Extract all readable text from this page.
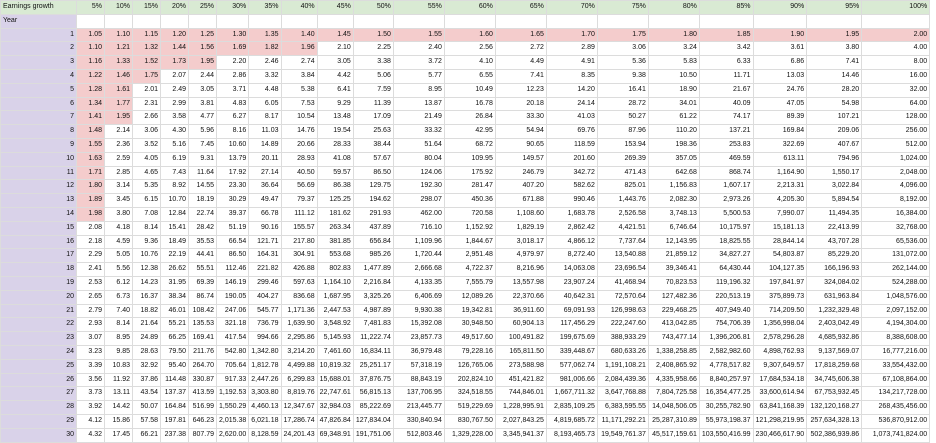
Earnings growth	5%	10%	15%	20%	25%	30%	35%	40%	45%	50%	55%	60%	65%	70%	75%	80%	85%	90%	95%	100%
Year																				
1	1.05	1.10	1.15	1.20	1.25	1.30	1.35	1.40	1.45	1.50	1.55	1.60	1.65	1.70	1.75	1.80	1.85	1.90	1.95	2.00
2	1.10	1.21	1.32	1.44	1.56	1.69	1.82	1.96	2.10	2.25	2.40	2.56	2.72	2.89	3.06	3.24	3.42	3.61	3.80	4.00
3	1.16	1.33	1.52	1.73	1.95	2.20	2.46	2.74	3.05	3.38	3.72	4.10	4.49	4.91	5.36	5.83	6.33	6.86	7.41	8.00
4	1.22	1.46	1.75	2.07	2.44	2.86	3.32	3.84	4.42	5.06	5.77	6.55	7.41	8.35	9.38	10.50	11.71	13.03	14.46	16.00
5	1.28	1.61	2.01	2.49	3.05	3.71	4.48	5.38	6.41	7.59	8.95	10.49	12.23	14.20	16.41	18.90	21.67	24.76	28.20	32.00
6	1.34	1.77	2.31	2.99	3.81	4.83	6.05	7.53	9.29	11.39	13.87	16.78	20.18	24.14	28.72	34.01	40.09	47.05	54.98	64.00
7	1.41	1.95	2.66	3.58	4.77	6.27	8.17	10.54	13.48	17.09	21.49	26.84	33.30	41.03	50.27	61.22	74.17	89.39	107.21	128.00
8	1.48	2.14	3.06	4.30	5.96	8.16	11.03	14.76	19.54	25.63	33.32	42.95	54.94	69.76	87.96	110.20	137.21	169.84	209.06	256.00
9	1.55	2.36	3.52	5.16	7.45	10.60	14.89	20.66	28.33	38.44	51.64	68.72	90.65	118.59	153.94	198.36	253.83	322.69	407.67	512.00
10	1.63	2.59	4.05	6.19	9.31	13.79	20.11	28.93	41.08	57.67	80.04	109.95	149.57	201.60	269.39	357.05	469.59	613.11	794.96	1,024.00
11	1.71	2.85	4.65	7.43	11.64	17.92	27.14	40.50	59.57	86.50	124.06	175.92	246.79	342.72	471.43	642.68	868.74	1,164.90	1,550.17	2,048.00
12	1.80	3.14	5.35	8.92	14.55	23.30	36.64	56.69	86.38	129.75	192.30	281.47	407.20	582.62	825.01	1,156.83	1,607.17	2,213.31	3,022.84	4,096.00
13	1.89	3.45	6.15	10.70	18.19	30.29	49.47	79.37	125.25	194.62	298.07	450.36	671.88	990.46	1,443.76	2,082.30	2,973.26	4,205.30	5,894.54	8,192.00
14	1.98	3.80	7.08	12.84	22.74	39.37	66.78	111.12	181.62	291.93	462.00	720.58	1,108.60	1,683.78	2,526.58	3,748.13	5,500.53	7,990.07	11,494.35	16,384.00
15	2.08	4.18	8.14	15.41	28.42	51.19	90.16	155.57	263.34	437.89	716.10	1,152.92	1,829.19	2,862.42	4,421.51	6,746.64	10,175.97	15,181.13	22,413.99	32,768.00
16	2.18	4.59	9.36	18.49	35.53	66.54	121.71	217.80	381.85	656.84	1,109.96	1,844.67	3,018.17	4,866.12	7,737.64	12,143.95	18,825.55	28,844.14	43,707.28	65,536.00
17	2.29	5.05	10.76	22.19	44.41	86.50	164.31	304.91	553.68	985.26	1,720.44	2,951.48	4,979.97	8,272.40	13,540.88	21,859.12	34,827.27	54,803.87	85,229.20	131,072.00
18	2.41	5.56	12.38	26.62	55.51	112.46	221.82	426.88	802.83	1,477.89	2,666.68	4,722.37	8,216.96	14,063.08	23,696.54	39,346.41	64,430.44	104,127.35	166,196.93	262,144.00
19	2.53	6.12	14.23	31.95	69.39	146.19	299.46	597.63	1,164.10	2,216.84	4,133.35	7,555.79	13,557.98	23,907.24	41,468.94	70,823.53	119,196.32	197,841.97	324,084.02	524,288.00
20	2.65	6.73	16.37	38.34	86.74	190.05	404.27	836.68	1,687.95	3,325.26	6,406.69	12,089.26	22,370.66	40,642.31	72,570.64	127,482.36	220,513.19	375,899.73	631,963.84	1,048,576.00
21	2.79	7.40	18.82	46.01	108.42	247.06	545.77	1,171.36	2,447.53	4,987.89	9,930.38	19,342.81	36,911.60	69,091.93	126,998.63	229,468.25	407,949.40	714,209.50	1,232,329.48	2,097,152.00
22	2.93	8.14	21.64	55.21	135.53	321.18	736.79	1,639.90	3,548.92	7,481.83	15,392.08	30,948.50	60,904.13	117,456.29	222,247.60	413,042.85	754,706.39	1,356,998.04	2,403,042.49	4,194,304.00
23	3.07	8.95	24.89	66.25	169.41	417.54	994.66	2,295.86	5,145.93	11,222.74	23,857.73	49,517.60	100,491.82	199,675.69	388,933.29	743,477.14	1,396,206.81	2,578,296.28	4,685,932.86	8,388,608.00
24	3.23	9.85	28.63	79.50	211.76	542.80	1,342.80	3,214.20	7,461.60	16,834.11	36,979.48	79,228.16	165,811.50	339,448.67	680,633.26	1,338,258.85	2,582,982.60	4,898,762.93	9,137,569.07	16,777,216.00
25	3.39	10.83	32.92	95.40	264.70	705.64	1,812.78	4,499.88	10,819.32	25,251.17	57,318.19	126,765.06	273,588.98	577,062.74	1,191,108.21	2,408,865.92	4,778,517.82	9,307,649.57	17,818,259.68	33,554,432.00
26	3.56	11.92	37.86	114.48	330.87	917.33	2,447.26	6,299.83	15,688.01	37,876.75	88,843.19	202,824.10	451,421.82	981,006.66	2,084,439.36	4,335,958.66	8,840,257.97	17,684,534.18	34,745,606.38	67,108,864.00
27	3.73	13.11	43.54	137.37	413.59	1,192.53	3,303.80	8,819.76	22,747.61	56,815.13	137,706.95	324,518.55	744,846.01	1,667,711.32	3,647,768.88	7,804,725.58	16,354,477.25	33,600,614.94	67,753,932.45	134,217,728.00
28	3.92	14.42	50.07	164.84	516.99	1,550.29	4,460.13	12,347.67	32,984.03	85,222.69	213,445.77	519,229.69	1,228,995.91	2,835,109.25	6,383,595.55	14,048,506.05	30,255,782.90	63,841,168.39	132,120,168.27	268,435,456.00
29	4.12	15.86	57.58	197.81	646.23	2,015.38	6,021.18	17,286.74	47,826.84	127,834.04	330,840.94	830,767.50	2,027,843.25	4,819,685.72	11,171,292.21	25,287,310.89	55,973,198.37	121,298,219.95	257,634,328.13	536,870,912.00
30	4.32	17.45	66.21	237.38	807.79	2,620.00	8,128.59	24,201.43	69,348.91	191,751.06	512,803.46	1,329,228.00	3,345,941.37	8,193,465.73	19,549,761.37	45,517,159.61	103,550,416.99	230,466,617.90	502,386,939.86	1,073,741,824.00
